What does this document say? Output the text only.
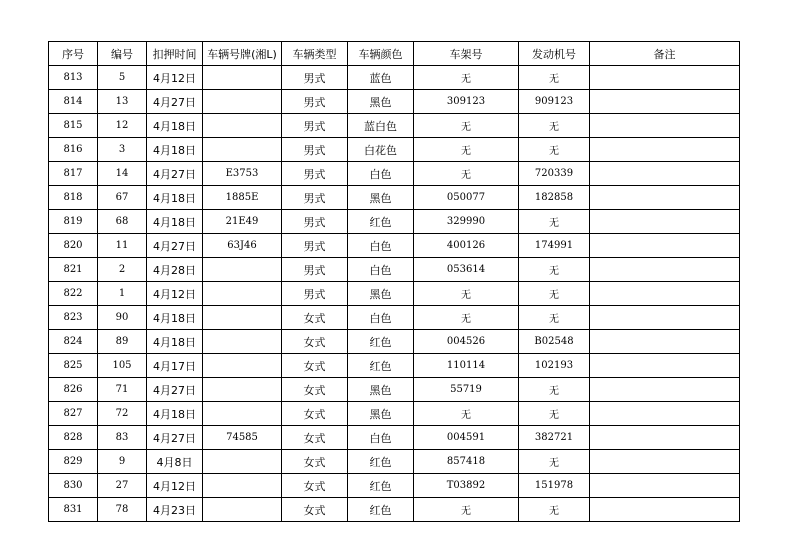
序号	编号	扣押时间	车辆号牌(湘L)	车辆类型	车辆颜色	车架号	发动机号	备注
813	5	4月12日		男式	蓝色	无	无	
814	13	4月27日		男式	黑色	309123	909123	
815	12	4月18日		男式	蓝白色	无	无	
816	3	4月18日		男式	白花色	无	无	
817	14	4月27日	E3753	男式	白色	无	720339	
818	67	4月18日	1885E	男式	黑色	050077	182858	
819	68	4月18日	21E49	男式	红色	329990	无	
820	11	4月27日	63J46	男式	白色	400126	174991	
821	2	4月28日		男式	白色	053614	无	
822	1	4月12日		男式	黑色	无	无	
823	90	4月18日		女式	白色	无	无	
824	89	4月18日		女式	红色	004526	B02548	
825	105	4月17日		女式	红色	110114	102193	
826	71	4月27日		女式	黑色	55719	无	
827	72	4月18日		女式	黑色	无	无	
828	83	4月27日	74585	女式	白色	004591	382721	
829	9	4月8日		女式	红色	857418	无	
830	27	4月12日		女式	红色	T03892	151978	
831	78	4月23日		女式	红色	无	无	
